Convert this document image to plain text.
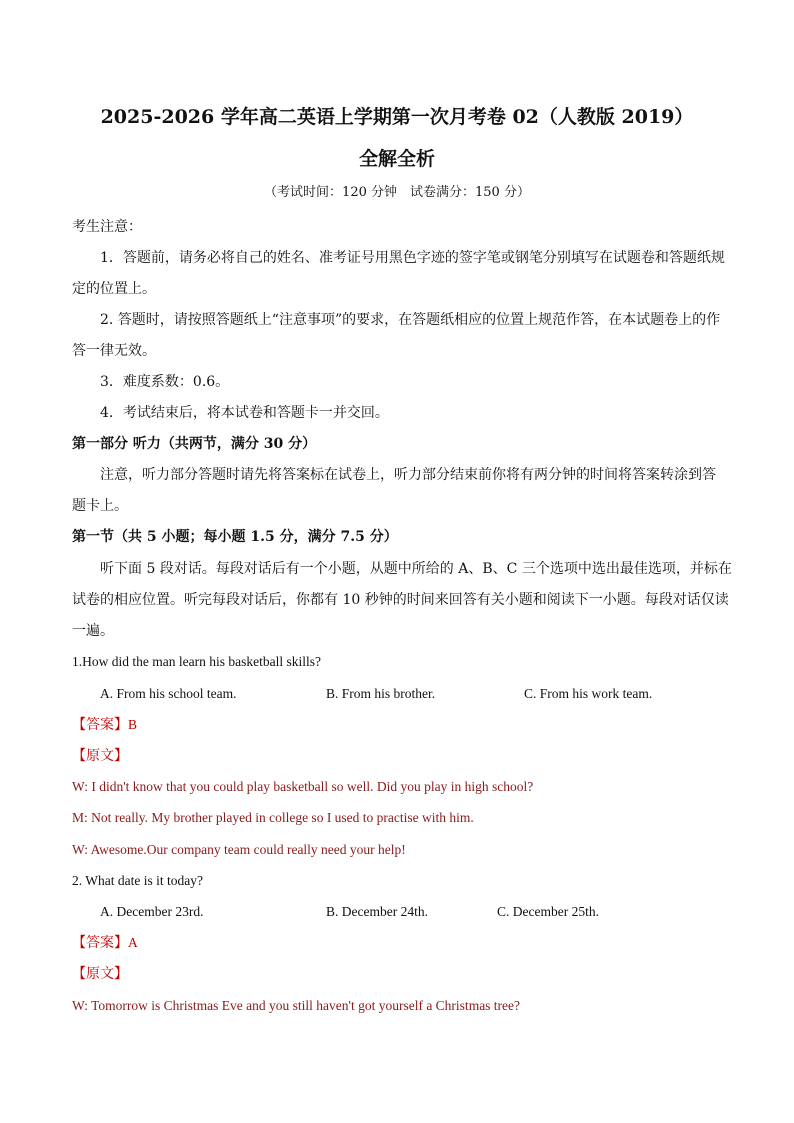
2025-2026 学年高二英语上学期第一次月考卷 02（人教版 2019）
全解全析
（考试时间：120 分钟　试卷满分：150 分）
考生注意：
1．答题前，请务必将自己的姓名、准考证号用黑色字迹的签字笔或钢笔分别填写在试题卷和答题纸规
定的位置上。
2. 答题时，请按照答题纸上“注意事项”的要求，在答题纸相应的位置上规范作答，在本试题卷上的作
答一律无效。
3．难度系数：0.6。
4．考试结束后，将本试卷和答题卡一并交回。
第一部分 听力（共两节，满分 30 分）
注意，听力部分答题时请先将答案标在试卷上，听力部分结束前你将有两分钟的时间将答案转涂到答
题卡上。
第一节（共 5 小题；每小题 1.5 分，满分 7.5 分）
听下面 5 段对话。每段对话后有一个小题，从题中所给的 A、B、C 三个选项中选出最佳选项，并标在
试卷的相应位置。听完每段对话后，你都有 10 秒钟的时间来回答有关小题和阅读下一小题。每段对话仅读
一遍。
1.How did the man learn his basketball skills?
A. From his school team.	B. From his brother.	C. From his work team.
【答案】B
【原文】
W: I didn't know that you could play basketball so well. Did you play in high school?
M: Not really. My brother played in college so I used to practise with him.
W: Awesome.Our company team could really need your help!
2. What date is it today?
A. December 23rd.	B. December 24th.	C. December 25th.
【答案】A
【原文】
W: Tomorrow is Christmas Eve and you still haven't got yourself a Christmas tree?
